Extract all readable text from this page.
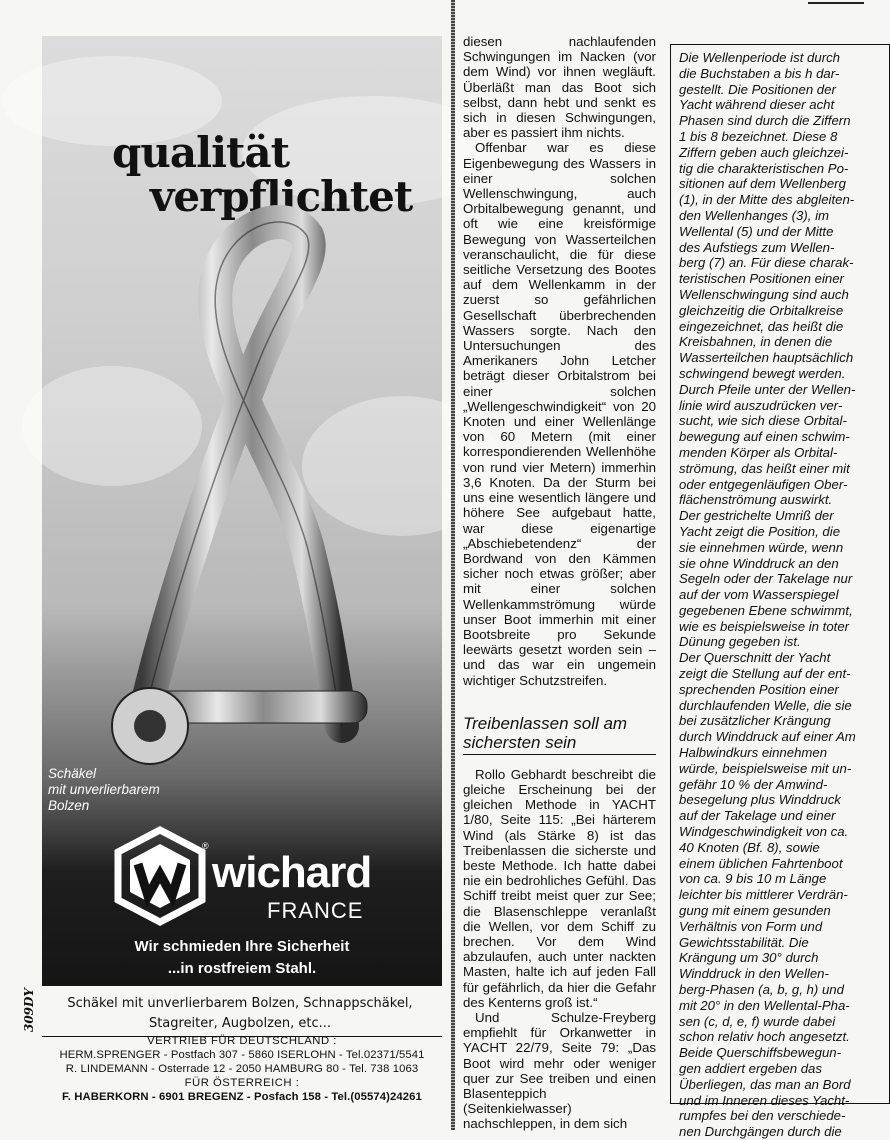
qualität
verpflichtet
Schäkel
mit unverlierbarem
Bolzen
®
wichard
FRANCE
Wir schmieden Ihre Sicherheit
...in rostfreiem Stahl.
309DY	Schäkel mit unverlierbarem Bolzen, Schnappschäkel,
Stagreiter, Augbolzen, etc...
VERTRIEB FÜR DEUTSCHLAND :
HERM.SPRENGER - Postfach 307 - 5860 ISERLOHN - Tel.02371/5541
R. LINDEMANN - Osterrade 12 - 2050 HAMBURG 80 - Tel. 738 1063
FÜR ÖSTERREICH :
F. HABERKORN - 6901 BREGENZ - Posfach 158 - Tel.(05574)24261

diesen nachlaufenden Schwingungen im Nacken (vor dem Wind) vor ihnen wegläuft. Überläßt man das Boot sich selbst, dann hebt und senkt es sich in diesen Schwingungen, aber es passiert ihm nichts.

Offenbar war es diese Eigenbewegung des Wassers in einer solchen Wellenschwingung, auch Orbitalbewegung genannt, und oft wie eine kreisförmige Bewegung von Wasserteilchen veranschaulicht, die für diese seitliche Versetzung des Bootes auf dem Wellenkamm in der zuerst so gefährlichen Gesellschaft überbrechenden Wassers sorgte. Nach den Untersuchungen des Amerikaners John Letcher beträgt dieser Orbitalstrom bei einer solchen „Wellengeschwindigkeit“ von 20 Knoten und einer Wellenlänge von 60 Metern (mit einer korrespondierenden Wellenhöhe von rund vier Metern) immerhin 3,6 Knoten. Da der Sturm bei uns eine wesentlich längere und höhere See aufgebaut hatte, war diese eigenartige „Abschiebetendenz“ der Bordwand von den Kämmen sicher noch etwas größer; aber mit einer solchen Wellenkammströmung würde unser Boot immerhin mit einer Bootsbreite pro Sekunde leewärts gesetzt worden sein – und das war ein ungemein wichtiger Schutzstreifen.

Treibenlassen soll am
sichersten sein

Rollo Gebhardt beschreibt die gleiche Erscheinung bei der gleichen Methode in YACHT 1/80, Seite 115: „Bei härterem Wind (als Stärke 8) ist das Treibenlassen die sicherste und beste Methode. Ich hatte dabei nie ein bedrohliches Gefühl. Das Schiff treibt meist quer zur See; die Blasenschleppe veranlaßt die Wellen, vor dem Schiff zu brechen. Vor dem Wind abzulaufen, auch unter nackten Masten, halte ich auf jeden Fall für gefährlich, da hier die Gefahr des Kenterns groß ist.“

Und Schulze-Freyberg empfiehlt für Orkanwetter in YACHT 22/79, Seite 79: „Das Boot wird mehr oder weniger quer zur See treiben und einen Blasenteppich (Seitenkielwasser) nachschleppen, in dem sich

Die Wellenperiode ist durch
die Buchstaben a bis h dar-
gestellt. Die Positionen der
Yacht während dieser acht
Phasen sind durch die Ziffern
1 bis 8 bezeichnet. Diese 8
Ziffern geben auch gleichzei-
tig die charakteristischen Po-
sitionen auf dem Wellenberg
(1), in der Mitte des abgleiten-
den Wellenhanges (3), im
Wellental (5) und der Mitte
des Aufstiegs zum Wellen-
berg (7) an. Für diese charak-
teristischen Positionen einer
Wellenschwingung sind auch
gleichzeitig die Orbitalkreise
eingezeichnet, das heißt die
Kreisbahnen, in denen die
Wasserteilchen hauptsächlich
schwingend bewegt werden.
Durch Pfeile unter der Wellen-
linie wird auszudrücken ver-
sucht, wie sich diese Orbital-
bewegung auf einen schwim-
menden Körper als Orbital-
strömung, das heißt einer mit
oder entgegenläufigen Ober-
flächenströmung auswirkt.
Der gestrichelte Umriß der
Yacht zeigt die Position, die
sie einnehmen würde, wenn
sie ohne Winddruck an den
Segeln oder der Takelage nur
auf der vom Wasserspiegel
gegebenen Ebene schwimmt,
wie es beispielsweise in toter
Dünung gegeben ist.
Der Querschnitt der Yacht
zeigt die Stellung auf der ent-
sprechenden Position einer
durchlaufenden Welle, die sie
bei zusätzlicher Krängung
durch Winddruck auf einer Am
Halbwindkurs einnehmen
würde, beispielsweise mit un-
gefähr 10 % der Amwind-
besegelung plus Winddruck
auf der Takelage und einer
Windgeschwindigkeit von ca.
40 Knoten (Bf. 8), sowie
einem üblichen Fahrtenboot
von ca. 9 bis 10 m Länge
leichter bis mittlerer Verdrän-
gung mit einem gesunden
Verhältnis von Form und
Gewichtsstabilität. Die
Krängung um 30° durch
Winddruck in den Wellen-
berg-Phasen (a, b, g, h) und
mit 20° in den Wellental-Pha-
sen (c, d, e, f) wurde dabei
schon relativ hoch angesetzt.
Beide Querschiffsbewegun-
gen addiert ergeben das
Überliegen, das man an Bord
und im Inneren dieses Yacht-
rumpfes bei den verschiede-
nen Durchgängen durch die
